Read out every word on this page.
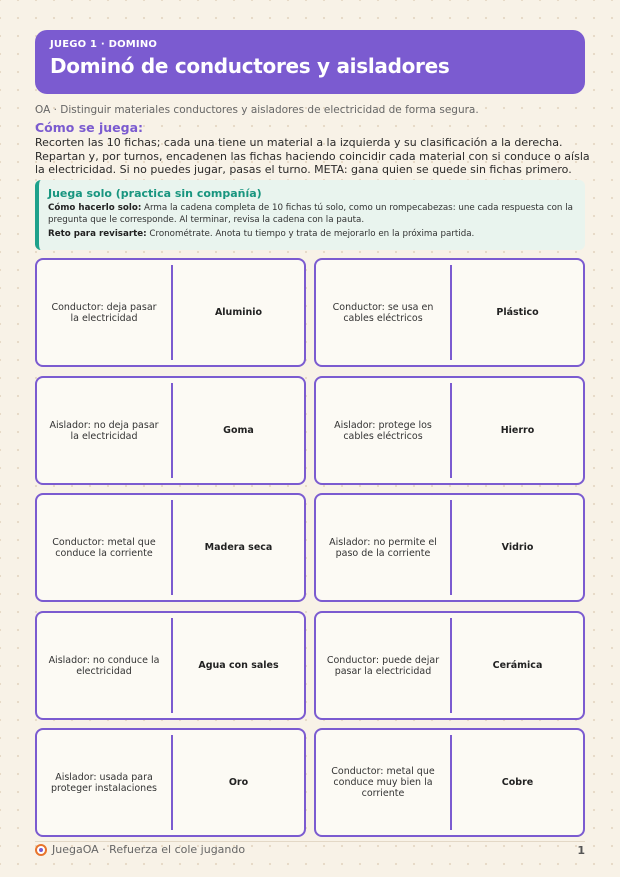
JUEGO 1 · DOMINO
Dominó de conductores y aisladores
OA · Distinguir materiales conductores y aisladores de electricidad de forma segura.
Cómo se juega:
Recorten las 10 fichas; cada una tiene un material a la izquierda y su clasificación a la derecha. Repartan y, por turnos, encadenen las fichas haciendo coincidir cada material con si conduce o aísla la electricidad. Si no puedes jugar, pasas el turno. META: gana quien se quede sin fichas primero.
Juega solo (practica sin compañía)
Cómo hacerlo solo: Arma la cadena completa de 10 fichas tú solo, como un rompecabezas: une cada respuesta con la pregunta que le corresponde. Al terminar, revisa la cadena con la pauta.
Reto para revisarte: Cronométrate. Anota tu tiempo y trata de mejorarlo en la próxima partida.
Conductor: deja pasar la electricidad	Aluminio	Conductor: se usa en cables eléctricos	Plástico
Aislador: no deja pasar la electricidad	Goma	Aislador: protege los cables eléctricos	Hierro
Conductor: metal que conduce la corriente	Madera seca	Aislador: no permite el paso de la corriente	Vidrio
Aislador: no conduce la electricidad	Agua con sales	Conductor: puede dejar pasar la electricidad	Cerámica
Aislador: usada para proteger instalaciones	Oro
Conductor: metal que conduce muy bien la corriente
Cobre
JuegaOA · Refuerza el cole jugando	1
